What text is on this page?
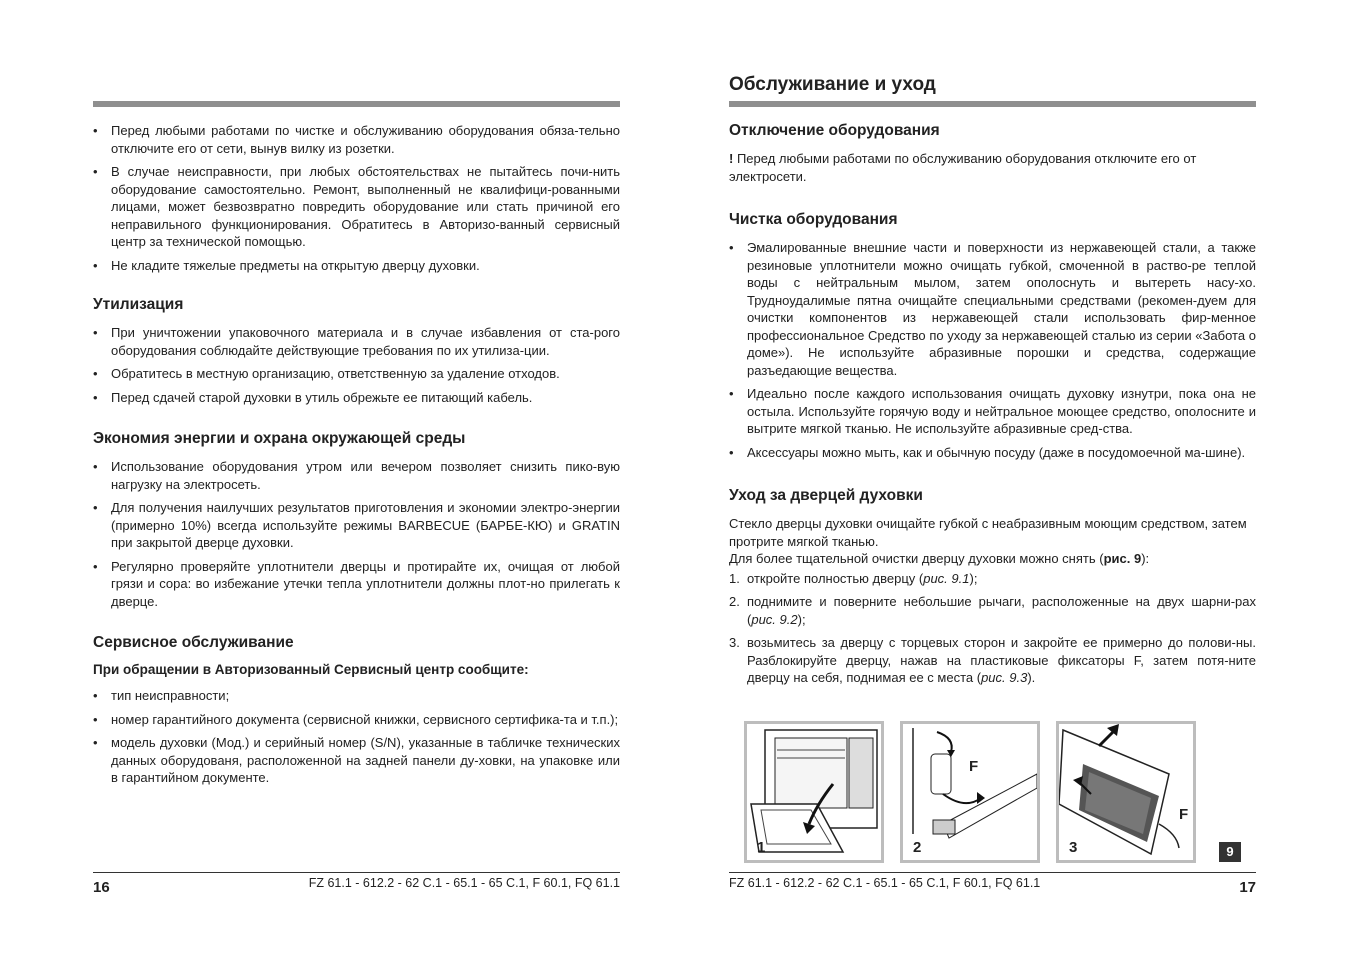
• Перед любыми работами по чистке и обслуживанию оборудования обяза-тельно отключите его от сети, вынув вилку из розетки.
• В случае неисправности, при любых обстоятельствах не пытайтесь почи-нить оборудование самостоятельно. Ремонт, выполненный не квалифици-рованными лицами, может безвозвратно повредить оборудование или стать причиной его неправильного функционирования. Обратитесь в Авторизо-ванный сервисный центр за технической помощью.
• Не кладите тяжелые предметы на открытую дверцу духовки.
Утилизация
• При уничтожении упаковочного материала и в случае избавления от ста-рого оборудования соблюдайте действующие требования по их утилиза-ции.
• Обратитесь в местную организацию, ответственную за удаление отходов.
• Перед сдачей старой духовки в утиль обрежьте ее питающий кабель.
Экономия энергии и охрана окружающей среды
• Использование оборудования утром или вечером позволяет снизить пико-вую нагрузку на электросеть.
• Для получения наилучших результатов приготовления и экономии электро-энергии (примерно 10%) всегда используйте режимы BARBECUE (БАРБЕ-КЮ) и GRATIN при закрытой дверце духовки.
• Регулярно проверяйте уплотнители дверцы и протирайте их, очищая от любой грязи и сора: во избежание утечки тепла уплотнители должны плот-но прилегать к дверце.
Сервисное обслуживание
При обращении в Авторизованный Сервисный центр сообщите:
• тип неисправности;
• номер гарантийного документа (сервисной книжки, сервисного сертифика-та и т.п.);
• модель духовки (Мод.) и серийный номер (S/N), указанные в табличке технических данных оборудованя, расположенной на задней панели ду-ховки, на упаковке или в гарантийном документе.
16	FZ 61.1 - 612.2 - 62 C.1 - 65.1 - 65 C.1, F 60.1, FQ 61.1
Обслуживание и уход
Отключение оборудования

! Перед любыми работами по обслуживанию оборудования отключите его от электросети.

Чистка оборудования
• Эмалированные внешние части и поверхности из нержавеющей стали, а также резиновые уплотнители можно очищать губкой, смоченной в раство-ре теплой воды с нейтральным мылом, затем ополоснуть и вытереть насу-хо. Трудноудалимые пятна очищайте специальными средствами (рекомен-дуем для очистки компонентов из нержавеющей стали использовать фир-менное профессиональное Средство по уходу за нержавеющей сталью из серии «Забота о доме»). Не используйте абразивные порошки и средства, содержащие разъедающие вещества.
• Идеально после каждого использования очищать духовку изнутри, пока она не остыла. Используйте горячую воду и нейтральное моющее средство, ополосните и вытрите мягкой тканью. Не используйте абразивные сред-ства.
• Аксессуары можно мыть, как и обычную посуду (даже в посудомоечной ма-шине).
Уход за дверцей духовки

Стекло дверцы духовки очищайте губкой с неабразивным моющим средством, затем протрите мягкой тканью.

Для более тщательной очистки дверцу духовки можно снять (рис. 9):

1. откройте полностью дверцу (рис. 9.1);
2. поднимите и поверните небольшие рычаги, расположенные на двух шарни-рах (рис. 9.2);
3. возьмитесь за дверцу с торцевых сторон и закройте ее примерно до полови-ны. Разблокируйте дверцу, нажав на пластиковые фиксаторы F, затем потя-ните дверцу на себя, поднимая ее с места (рис. 9.3).
FZ 61.1 - 612.2 - 62 C.1 - 65.1 - 65 C.1, F 60.1, FQ 61.1	17
1
F
2
F
3	9
